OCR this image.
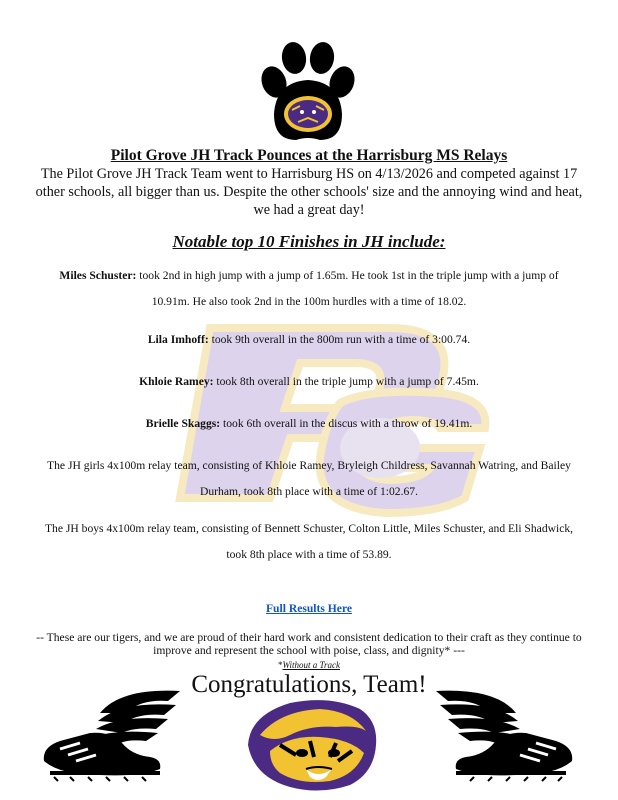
Pilot Grove JH Track Pounces at the Harrisburg MS Relays

The Pilot Grove JH Track Team went to Harrisburg HS on 4/13/2026 and competed against 17 other schools, all bigger than us. Despite the other schools' size and the annoying wind and heat, we had a great day!

Notable top 10 Finishes in JH include:

Miles Schuster: took 2nd in high jump with a jump of 1.65m. He took 1st in the triple jump with a jump of 10.91m. He also took 2nd in the 100m hurdles with a time of 18.02.

Lila Imhoff: took 9th overall in the 800m run with a time of 3:00.74.

Khloie Ramey: took 8th overall in the triple jump with a jump of 7.45m.

Brielle Skaggs: took 6th overall in the discus with a throw of 19.41m.

The JH girls 4x100m relay team, consisting of Khloie Ramey, Bryleigh Childress, Savannah Watring, and Bailey Durham, took 8th place with a time of 1:02.67.

The JH boys 4x100m relay team, consisting of Bennett Schuster, Colton Little, Miles Schuster, and Eli Shadwick, took 8th place with a time of 53.89.

Full Results Here

-- These are our tigers, and we are proud of their hard work and consistent dedication to their craft as they continue to improve and represent the school with poise, class, and dignity* ---

*Without a Track

Congratulations, Team!
